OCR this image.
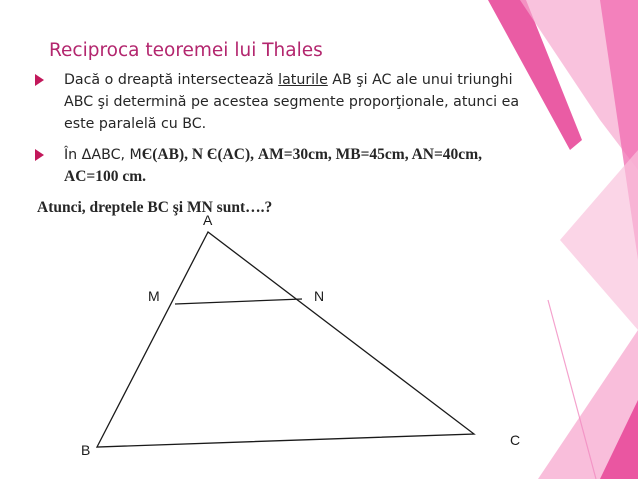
Reciproca teoremei lui Thales
Dacă o dreaptă intersectează laturile AB şi AC ale unui triunghi
ABC şi determină pe acestea segmente proporţionale, atunci ea
este paralelă cu BC.
În ΔABC, MЄ(AB), N Є(AC), AM=30cm, MB=45cm, AN=40cm,
AC=100 cm.
Atunci, dreptele BC şi MN sunt….?
A
M	N
B
C
